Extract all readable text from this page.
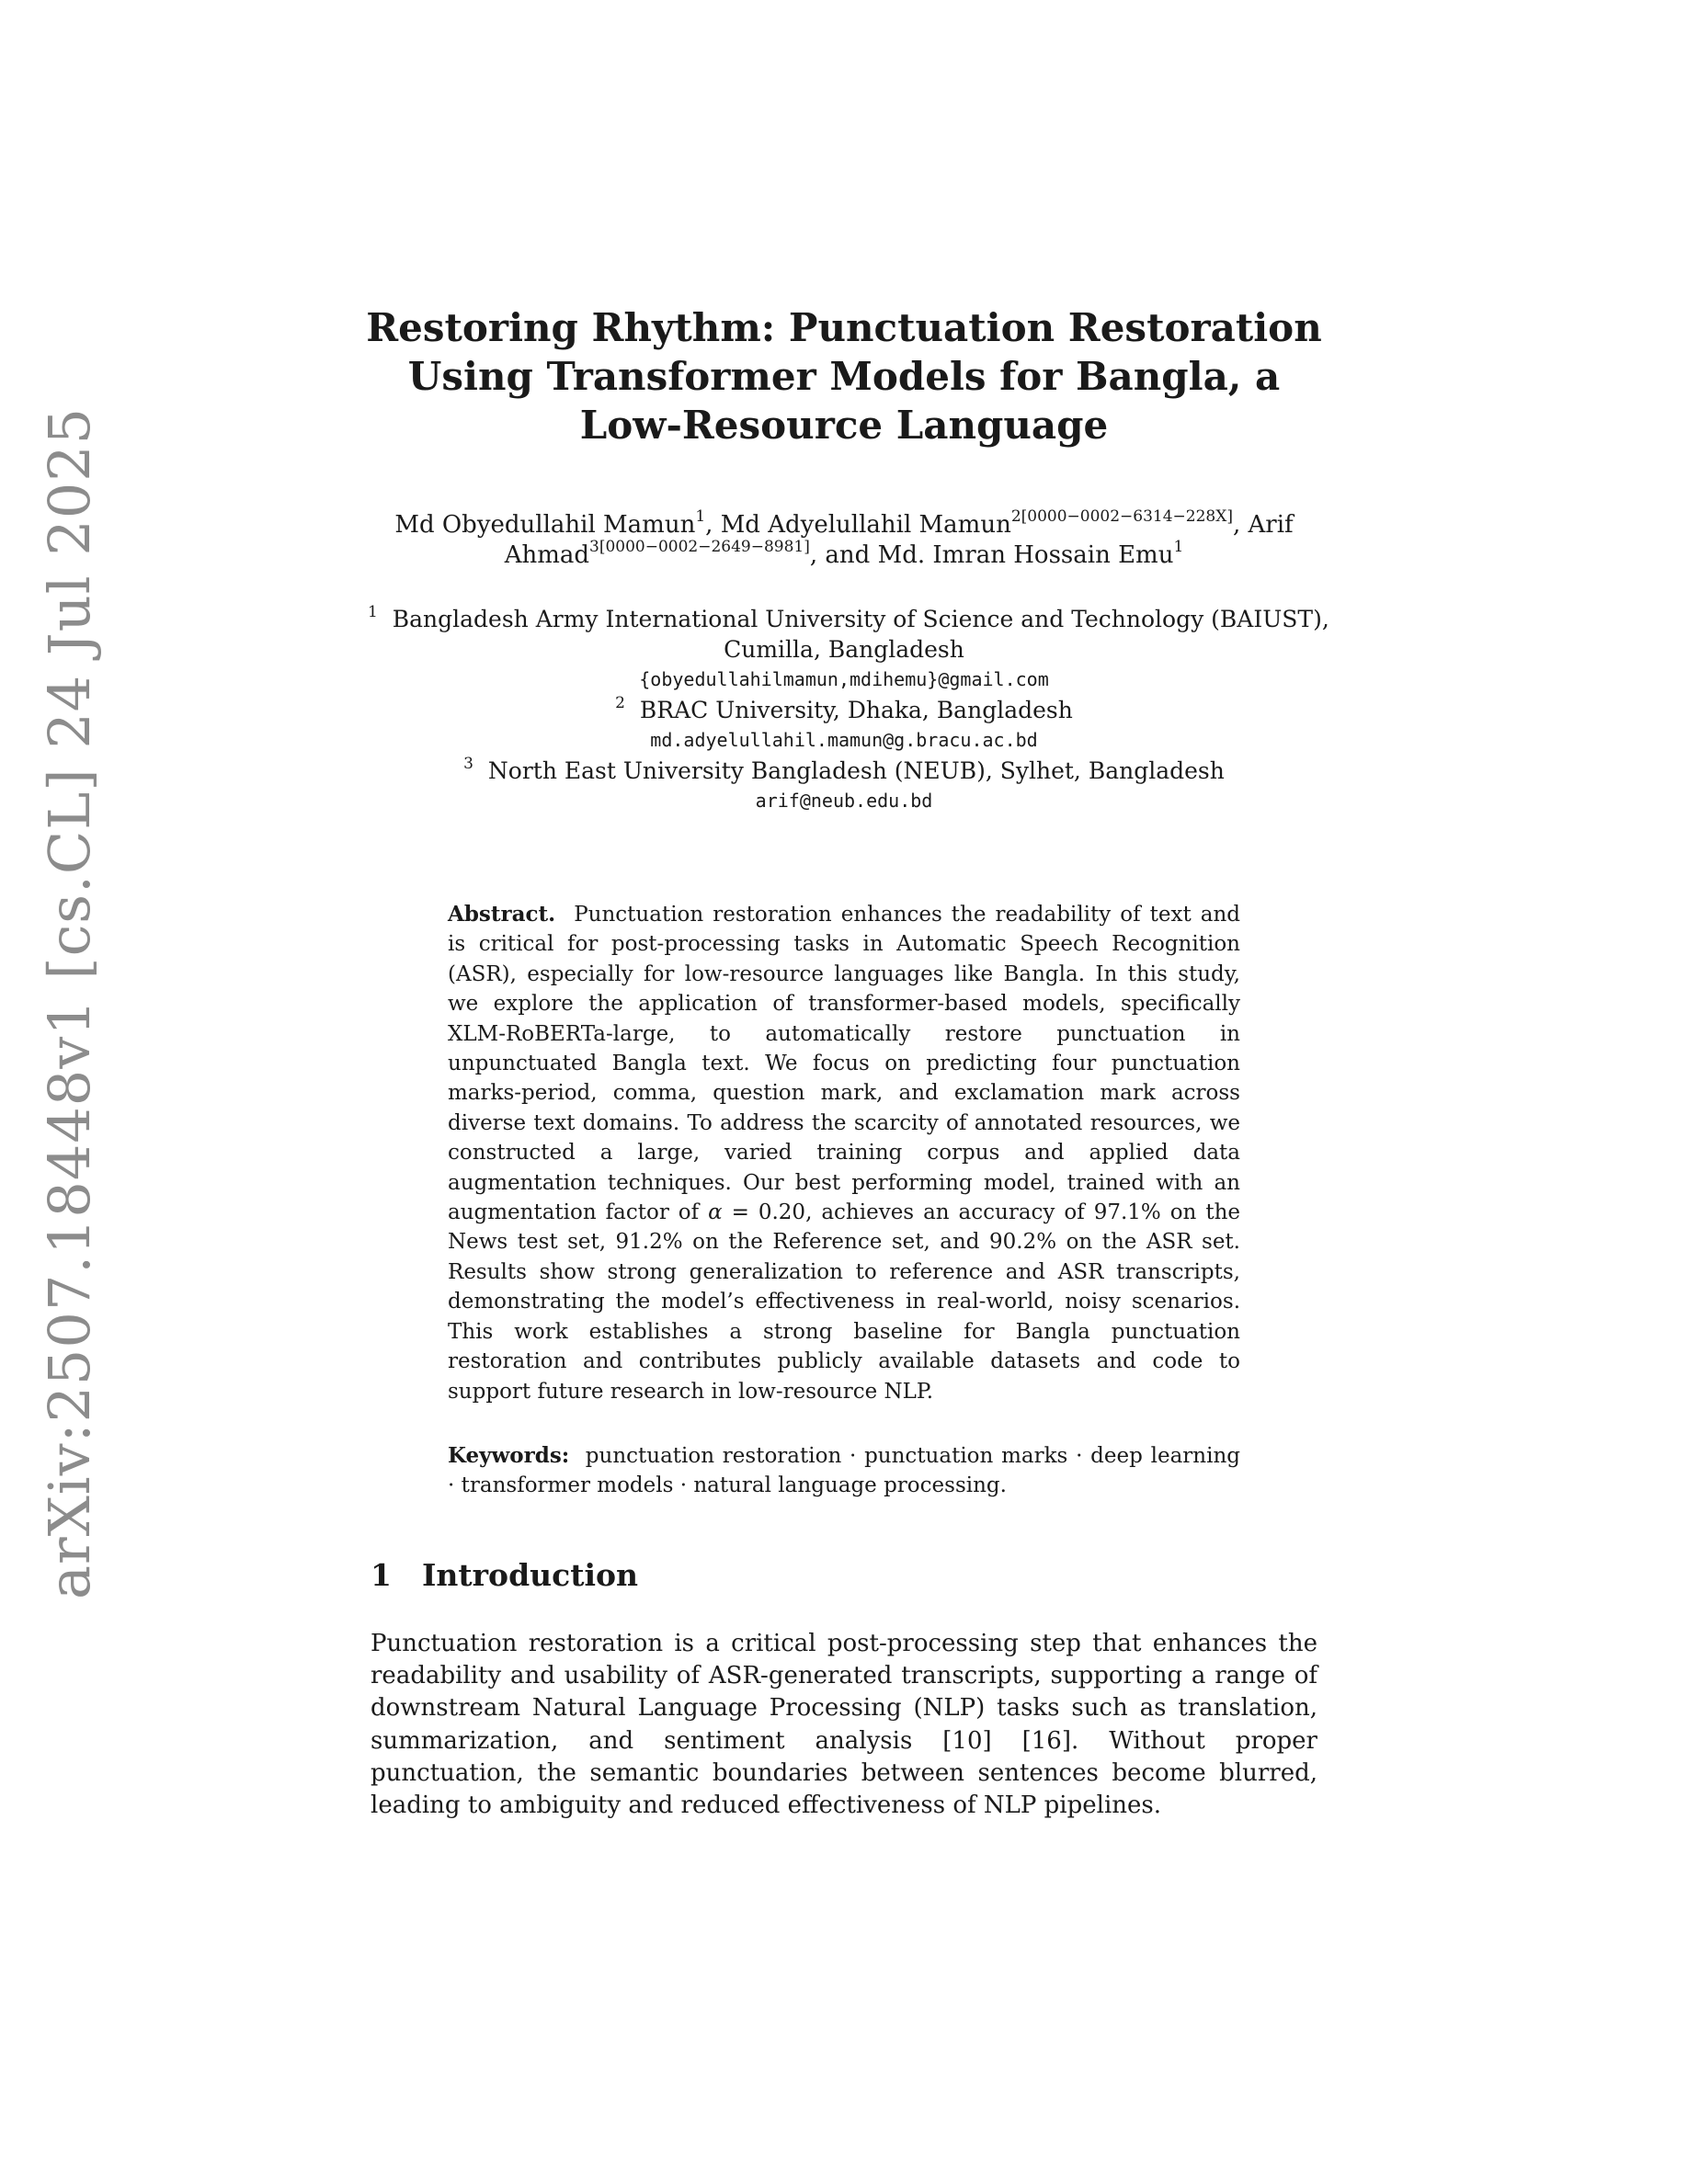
arXiv:2507.18448v1 [cs.CL] 24 Jul 2025
Restoring Rhythm: Punctuation Restoration
Using Transformer Models for Bangla, a
Low-Resource Language
Md Obyedullahil Mamun$^1$, Md Adyelullahil Mamun$^{2[0000-0002-6314-228X]}$, Arif
Ahmad$^{3[0000-0002-2649-8981]}$, and Md. Imran Hossain Emu$^1$
$^1$ Bangladesh Army International University of Science and Technology (BAIUST),
Cumilla, Bangladesh
{obyedullahilmamun,mdihemu}@gmail.com
$^2$ BRAC University, Dhaka, Bangladesh
md.adyelullahil.mamun@g.bracu.ac.bd
$^3$ North East University Bangladesh (NEUB), Sylhet, Bangladesh
arif@neub.edu.bd
Abstract. Punctuation restoration enhances the readability of text and is critical for post-processing tasks in Automatic Speech Recognition (ASR), especially for low-resource languages like Bangla. In this study, we explore the application of transformer-based models, specifically XLM-RoBERTa-large, to automatically restore punctuation in unpunctuated Bangla text. We focus on predicting four punctuation marks-period, comma, question mark, and exclamation mark across diverse text domains. To address the scarcity of annotated resources, we constructed a large, varied training corpus and applied data augmentation techniques. Our best performing model, trained with an augmentation factor of α = 0.20, achieves an accuracy of 97.1% on the News test set, 91.2% on the Reference set, and 90.2% on the ASR set. Results show strong generalization to reference and ASR transcripts, demonstrating the model’s effectiveness in real-world, noisy scenarios. This work establishes a strong baseline for Bangla punctuation restoration and contributes publicly available datasets and code to support future research in low-resource NLP.
Keywords: punctuation restoration · punctuation marks · deep learning · transformer models · natural language processing.
1 Introduction
Punctuation restoration is a critical post-processing step that enhances the readability and usability of ASR-generated transcripts, supporting a range of downstream Natural Language Processing (NLP) tasks such as translation, summarization, and sentiment analysis [10] [16]. Without proper punctuation, the semantic boundaries between sentences become blurred, leading to ambiguity and reduced effectiveness of NLP pipelines.
